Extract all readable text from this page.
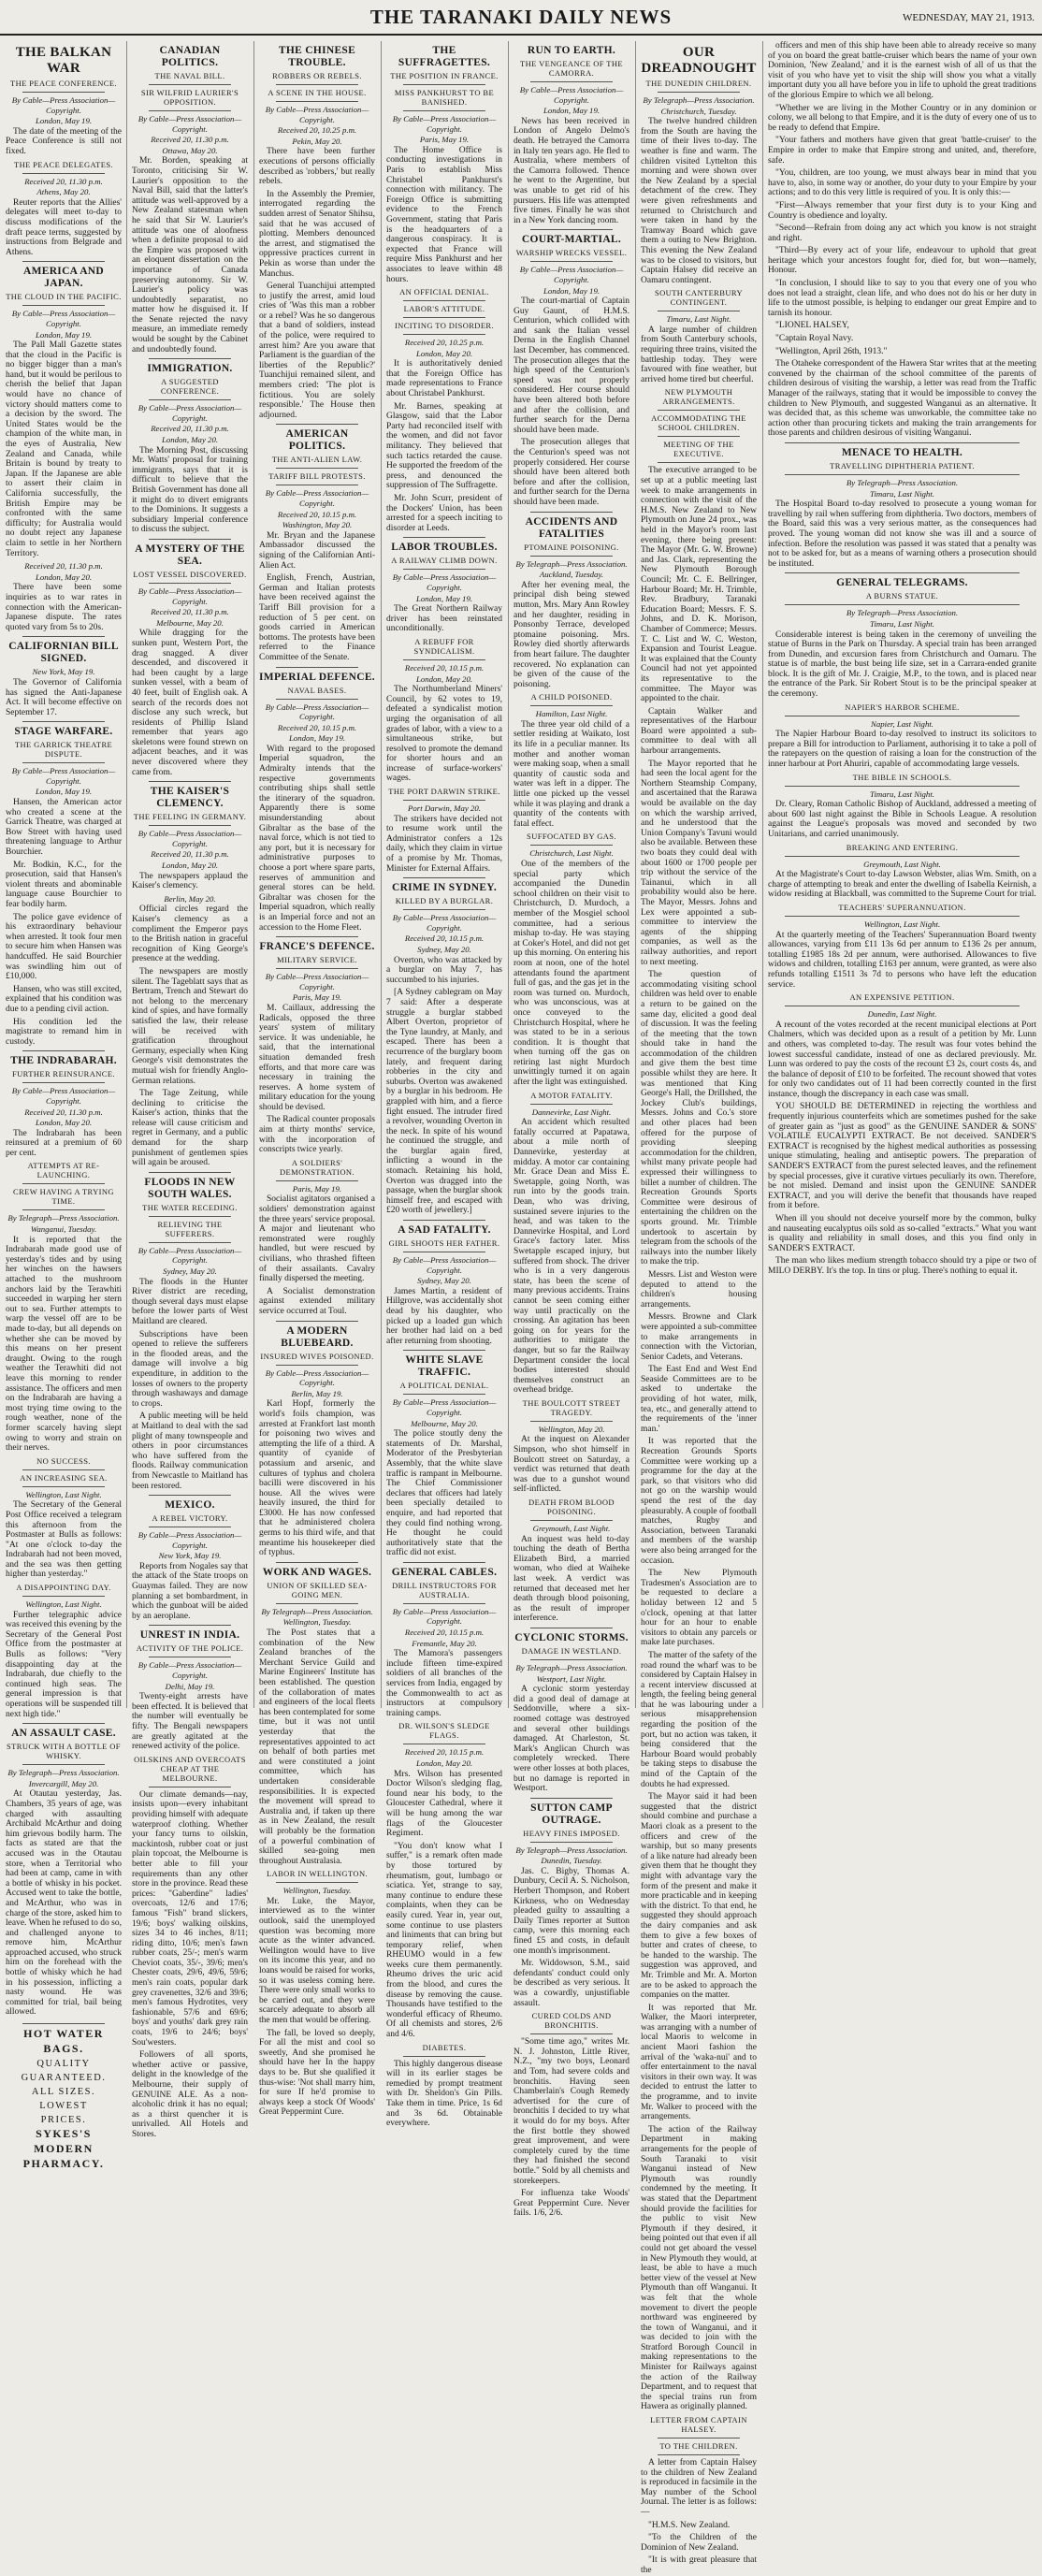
THE TARANAKI DAILY NEWS	WEDNESDAY, MAY 21, 1913.
THE BALKAN WAR
THE PEACE CONFERENCE.
By Cable—Press Association—Copyright.
London, May 19.

The date of the meeting of the Peace Conference is still not fixed.

THE PEACE DELEGATES.
Received 20, 11.30 p.m.
Athens, May 20.

Reuter reports that the Allies' delegates will meet to-day to discuss modifications of the draft peace terms, suggested by instructions from Belgrade and Athens.

AMERICA AND JAPAN.
THE CLOUD IN THE PACIFIC.
By Cable—Press Association—Copyright.
London, May 19.

The Pall Mall Gazette states that the cloud in the Pacific is no bigger bigger than a man's hand, but it would be perilous to cherish the belief that Japan would have no chance of victory should matters come to a decision by the sword. The United States would be the champion of the white man, in the eyes of Australia, New Zealand and Canada, while Britain is bound by treaty to Japan. If the Japanese are able to assert their claim in California successfully, the British Empire may be confronted with the same difficulty; for Australia would no doubt reject any Japanese claim to settle in her Northern Territory.

Received 20, 11.30 p.m.
London, May 20.

There have been some inquiries as to war rates in connection with the American-Japanese dispute. The rates quoted vary from 5s to 20s.

CALIFORNIAN BILL SIGNED.
New York, May 19.

The Governor of California has signed the Anti-Japanese Act. It will become effective on September 17.

STAGE WARFARE.
THE GARRICK THEATRE DISPUTE.
By Cable—Press Association—Copyright.
London, May 19.

Hansen, the American actor who created a scene at the Garrick Theatre, was charged at Bow Street with having used threatening language to Arthur Bourchier.

Mr. Bodkin, K.C., for the prosecution, said that Hansen's violent threats and abominable language cause Bourchier to fear bodily harm.

The police gave evidence of his extraordinary behaviour when arrested. It took four men to secure him when Hansen was handcuffed. He said Bourchier was swindling him out of £10,000.

Hansen, who was still excited, explained that his condition was due to a pending civil action.

His condition led the magistrate to remand him in custody.

THE INDRABARAH.
FURTHER REINSURANCE.
By Cable—Press Association—Copyright.
Received 20, 11.30 p.m.
London, May 20.

The Indrabarah has been reinsured at a premium of 60 per cent.

ATTEMPTS AT RE-LAUNCHING.
CREW HAVING A TRYING TIME.
By Telegraph—Press Association.
Wanganui, Tuesday.

It is reported that the Indrabarah made good use of yesterday's tides and by using her winches on the hawsers attached to the mushroom anchors laid by the Terawhiti succeeded in warping her stern out to sea. Further attempts to warp the vessel off are to be made to-day, but all depends on whether she can be moved by this means on her present draught. Owing to the rough weather the Terawhiti did not leave this morning to render assistance. The officers and men on the Indrabarah are having a most trying time owing to the rough weather, none of the former scarcely having slept owing to worry and strain on their nerves.

NO SUCCESS.
AN INCREASING SEA.
Wellington, Last Night.

The Secretary of the General Post Office received a telegram this afternoon from the Postmaster at Bulls as follows: "At one o'clock to-day the Indrabarah had not been moved, and the sea was then getting higher than yesterday."

A DISAPPOINTING DAY.
Wellington, Last Night.

Further telegraphic advice was received this evening by the Secretary of the General Post Office from the postmaster at Bulls as follows: "Very disappointing day at the Indrabarah, due chiefly to the continued high seas. The general impression is that operations will be suspended till next high tide."

AN ASSAULT CASE.
STRUCK WITH A BOTTLE OF WHISKY.
By Telegraph—Press Association.
Invercargill, May 20.

At Otautau yesterday, Jas. Chambers, 35 years of age, was charged with assaulting Archibald McArthur and doing him grievous bodily harm. The facts as stated are that the accused was in the Otautau store, when a Territorial who had been at camp, came in with a bottle of whisky in his pocket. Accused went to take the bottle, and McArthur, who was in charge of the store, asked him to leave. When he refused to do so, and challenged anyone to remove him, McArthur approached accused, who struck him on the forehead with the bottle of whisky which he had in his possession, inflicting a nasty wound. He was committed for trial, bail being allowed.

HOT WATER BAGS.
QUALITY GUARANTEED.
ALL SIZES.
LOWEST
PRICES.
SYKES'S MODERN PHARMACY.
CANADIAN POLITICS.
THE NAVAL BILL.
SIR WILFRID LAURIER'S OPPOSITION.
By Cable—Press Association—Copyright.
Received 20, 11.30 p.m.
Ottawa, May 20.

Mr. Borden, speaking at Toronto, criticising Sir W. Laurier's opposition to the Naval Bill, said that the latter's attitude was well-approved by a New Zealand statesman when he said that Sir W. Laurier's attitude was one of aloofness when a definite proposal to aid the Empire was proposed with an eloquent dissertation on the importance of Canada preserving autonomy. Sir W. Laurier's policy was undoubtedly separatist, no matter how he disguised it. If the Senate rejected the navy measure, an immediate remedy would be sought by the Cabinet and undoubtedly found.

IMMIGRATION.
A SUGGESTED CONFERENCE.
By Cable—Press Association—Copyright.
Received 20, 11.30 p.m.
London, May 20.

The Morning Post, discussing Mr. Watts' proposal for training immigrants, says that it is difficult to believe that the British Government has done all it might do to divert emigrants to the Dominions. It suggests a subsidiary Imperial conference to discuss the subject.

A MYSTERY OF THE SEA.
LOST VESSEL DISCOVERED.
By Cable—Press Association—Copyright.
Received 20, 11.30 p.m.
Melbourne, May 20.

While dragging for the sunken punt, Western Port, the drag snagged. A diver descended, and discovered it had been caught by a large sunken vessel, with a beam of 40 feet, built of English oak. A search of the records does not disclose any such wreck, but residents of Phillip Island remember that years ago skeletons were found strewn on adjacent beaches, and it was never discovered where they came from.

THE KAISER'S CLEMENCY.
THE FEELING IN GERMANY.
By Cable—Press Association—Copyright.
Received 20, 11.30 p.m.
London, May 20.

The newspapers applaud the Kaiser's clemency.

Berlin, May 20.

Official circles regard the Kaiser's clemency as a compliment the Emperor pays to the British nation in graceful recognition of King George's presence at the wedding.

The newspapers are mostly silent. The Tageblatt says that as Bertram, Trench and Stewart do not belong to the mercenary kind of spies, and have formally satisfied the law, their release will be received with gratification throughout Germany, especially when King George's visit demonstrates the mutual wish for friendly Anglo-German relations.

The Tage Zeitung, while declining to criticise the Kaiser's action, thinks that the release will cause criticism and regret in Germany, and a public demand for the sharp punishment of gentlemen spies will again be aroused.

FLOODS IN NEW SOUTH WALES.
THE WATER RECEDING.
RELIEVING THE SUFFERERS.
By Cable—Press Association—Copyright.
Sydney, May 20.

The floods in the Hunter River district are receding, though several days must elapse before the lower parts of West Maitland are cleared.

Subscriptions have been opened to relieve the sufferers in the flooded areas, and the damage will involve a big expenditure, in addition to the losses of owners to the property through washaways and damage to crops.

A public meeting will be held at Maitland to deal with the sad plight of many townspeople and others in poor circumstances who have suffered from the floods. Railway communication from Newcastle to Maitland has been restored.

MEXICO.
A REBEL VICTORY.
By Cable—Press Association—Copyright.
New York, May 19.

Reports from Nogales say that the attack of the State troops on Guaymas failed. They are now planning a set bombardment, in which the gunboat will be aided by an aeroplane.

UNREST IN INDIA.
ACTIVITY OF THE POLICE.
By Cable—Press Association—Copyright.
Delhi, May 19.

Twenty-eight arrests have been effected. It is believed that the number will eventually be fifty. The Bengali newspapers are greatly agitated at the renewed activity of the police.

OILSKINS AND OVERCOATS CHEAP AT THE MELBOURNE.

Our climate demands—nay, insists upon—every inhabitant providing himself with adequate waterproof clothing. Whether your fancy turns to oilskin, mackintosh, rubber coat or just plain topcoat, the Melbourne is better able to fill your requirements than any other store in the province. Read these prices: "Gaberdine" ladies' overcoats, 12/6 and 17/6; famous "Fish" brand slickers, 19/6; boys' walking oilskins, sizes 34 to 46 inches, 8/11; riding ditto, 10/6; men's fawn rubber coats, 25/-; men's warm Cheviot coats, 35/-, 39/6; men's Chester coats, 29/6, 49/6, 59/6; men's rain coats, popular dark grey cravenettes, 32/6 and 39/6; men's famous Hydrotites, very fashionable, 57/6 and 69/6; boys' and youths' dark grey rain coats, 19/6 to 24/6; boys' Sou'westers.

Followers of all sports, whether active or passive, delight in the knowledge of the Melbourne, their supply of GENUINE ALE. As a non-alcoholic drink it has no equal; as a thirst quencher it is unrivalled. All Hotels and Stores.

THE CHINESE TROUBLE.
ROBBERS OR REBELS.
A SCENE IN THE HOUSE.
By Cable—Press Association—Copyright.
Received 20, 10.25 p.m.
Pekin, May 20.

There have been further executions of persons officially described as 'robbers,' but really rebels.

In the Assembly the Premier, interrogated regarding the sudden arrest of Senator Shihsu, said that he was accused of plotting. Members denounced the arrest, and stigmatised the oppressive practices current in Pekin as worse than under the Manchus.

General Tuanchijui attempted to justify the arrest, amid loud cries of 'Was this man a robber or a rebel? Was he so dangerous that a band of soldiers, instead of the police, were required to arrest him? Are you aware that Parliament is the guardian of the liberties of the Republic?' Tuanchijui remained silent, and members cried: 'The plot is fictitious. You are solely responsible.' The House then adjourned.

AMERICAN POLITICS.
THE ANTI-ALIEN LAW.
TARIFF BILL PROTESTS.
By Cable—Press Association—Copyright.
Received 20, 10.15 p.m.
Washington, May 20.

Mr. Bryan and the Japanese Ambassador discussed the signing of the Californian Anti-Alien Act.

English, French, Austrian, German and Italian protests have been received against the Tariff Bill provision for a reduction of 5 per cent. on goods carried in American bottoms. The protests have been referred to the Finance Committee of the Senate.

IMPERIAL DEFENCE.
NAVAL BASES.
By Cable—Press Association—Copyright.
Received 20, 10.15 p.m.
London, May 19.

With regard to the proposed Imperial squadron, the Admiralty intends that the respective governments contributing ships shall settle the itinerary of the squadron. Apparently there is some misunderstanding about Gibraltar as the base of the naval force, which is not tied to any port, but it is necessary for administrative purposes to choose a port where spare parts, reserves of ammunition and general stores can be held. Gibraltar was chosen for the Imperial squadron, which really is an Imperial force and not an accession to the Home Fleet.

FRANCE'S DEFENCE.
MILITARY SERVICE.
By Cable—Press Association—Copyright.
Paris, May 19.

M. Caillaux, addressing the Radicals, opposed the three years' system of military service. It was undeniable, he said, that the international situation demanded fresh efforts, and that more care was necessary in training the reserves. A home system of military education for the young should be devised.

The Radical counter proposals aim at thirty months' service, with the incorporation of conscripts twice yearly.

A SOLDIERS' DEMONSTRATION.
Paris, May 19.

Socialist agitators organised a soldiers' demonstration against the three years' service proposal. A major and lieutenant who remonstrated were roughly handled, but were rescued by civilians, who thrashed fifteen of their assailants. Cavalry finally dispersed the meeting.

A Socialist demonstration against extended military service occurred at Toul.

A MODERN BLUEBEARD.
INSURED WIVES POISONED.
By Cable—Press Association—Copyright.
Berlin, May 19.

Karl Hopf, formerly the world's foils champion, was arrested at Frankfort last month for poisoning two wives and attempting the life of a third. A quantity of cyanide of potassium and arsenic, and cultures of typhus and cholera bacilli were discovered in his house. All the wives were heavily insured, the third for £3000. He has now confessed that he administered cholera germs to his third wife, and that meantime his housekeeper died of typhus.

WORK AND WAGES.
UNION OF SKILLED SEA-GOING MEN.
By Telegraph—Press Association.
Wellington, Tuesday.

The Post states that a combination of the New Zealand branches of the Merchant Service Guild and Marine Engineers' Institute has been established. The question of the collaboration of mates and engineers of the local fleets has been contemplated for some time, but it was not until yesterday that the representatives appointed to act on behalf of both parties met and were constituted a joint committee, which has undertaken considerable responsibilities. It is expected the movement will spread to Australia and, if taken up there as in New Zealand, the result will probably be the formation of a powerful combination of skilled sea-going men throughout Australasia.

LABOR IN WELLINGTON.
Wellington, Tuesday.

Mr. Luke, the Mayor, interviewed as to the winter outlook, said the unemployed question was becoming more acute as the winter advanced. Wellington would have to live on its income this year, and no loans would be raised for works, so it was useless coming here. There were only small works to be carried out, and they were scarcely adequate to absorb all the men that would be offering.

The fall, be loved so deeply, For all the mist and cool so sweetly, And she promised he should have her In the happy days to be. But she qualified it thus-wise: 'Not shall marry him, for sure If he'd promise to always keep a stock Of Woods' Great Peppermint Cure.

THE SUFFRAGETTES.
THE POSITION IN FRANCE.
MISS PANKHURST TO BE BANISHED.
By Cable—Press Association—Copyright.
Paris, May 19.

The Home Office is conducting investigations in Paris to establish Miss Christabel Pankhurst's connection with militancy. The Foreign Office is submitting evidence to the French Government, stating that Paris is the headquarters of a dangerous conspiracy. It is expected that France will require Miss Pankhurst and her associates to leave within 48 hours.

AN OFFICIAL DENIAL.
LABOR'S ATTITUDE.
INCITING TO DISORDER.
Received 20, 10.25 p.m.
London, May 20.

It is authoritatively denied that the Foreign Office has made representations to France about Christabel Pankhurst.

Mr. Barnes, speaking at Glasgow, said that the Labor Party had reconciled itself with the women, and did not favor militancy. They believed that such tactics retarded the cause. He supported the freedom of the press, and denounced the suppression of The Suffragette.

Mr. John Scurr, president of the Dockers' Union, has been arrested for a speech inciting to disorder at Leeds.

LABOR TROUBLES.
A RAILWAY CLIMB DOWN.
By Cable—Press Association—Copyright.
London, May 19.

The Great Northern Railway driver has been reinstated unconditionally.

A REBUFF FOR SYNDICALISM.
Received 20, 10.15 p.m.
London, May 20.

The Northumberland Miners' Council, by 62 votes to 19, defeated a syndicalist motion urging the organisation of all grades of labor, with a view to a simultaneous strike, but resolved to promote the demand for shorter hours and an increase of surface-workers' wages.

THE PORT DARWIN STRIKE.
Port Darwin, May 20.

The strikers have decided not to resume work until the Administrator confers a 12s daily, which they claim in virtue of a promise by Mr. Thomas, Minister for External Affairs.

CRIME IN SYDNEY.
KILLED BY A BURGLAR.
By Cable—Press Association—Copyright.
Received 20, 10.15 p.m.
Sydney, May 20.

Overton, who was attacked by a burglar on May 7, has succumbed to his injuries.

[A Sydney cablegram on May 7 said: After a desperate struggle a burglar stabbed Albert Overton, proprietor of the Tyne laundry, at Manly, and escaped. There has been a recurrence of the burglary boom lately, and frequent daring robberies in the city and suburbs. Overton was awakened by a burglar in his bedroom. He grappled with him, and a fierce fight ensued. The intruder fired a revolver, wounding Overton in the neck. In spite of his wound he continued the struggle, and the burglar again fired, inflicting a wound in the stomach. Retaining his hold, Overton was dragged into the passage, when the burglar shook himself free, and escaped with £20 worth of jewellery.]

A SAD FATALITY.
GIRL SHOOTS HER FATHER.
By Cable—Press Association—Copyright.
Sydney, May 20.

James Martin, a resident of Hillgrove, was accidentally shot dead by his daughter, who picked up a loaded gun which her brother had laid on a bed after returning from shooting.

WHITE SLAVE TRAFFIC.
A POLITICAL DENIAL.
By Cable—Press Association—Copyright.
Melbourne, May 20.

The police stoutly deny the statements of Dr. Marshal, Moderator of the Presbyterian Assembly, that the white slave traffic is rampant in Melbourne. The Chief Commissioner declares that officers had lately been specially detailed to enquire, and had reported that they could find nothing wrong. He thought he could authoritatively state that the traffic did not exist.

GENERAL CABLES.
DRILL INSTRUCTORS FOR AUSTRALIA.
By Cable—Press Association—Copyright.
Received 20, 10.15 p.m.
Fremantle, May 20.

The Mamora's passengers include fifteen time-expired soldiers of all branches of the services from India, engaged by the Commonwealth to act as instructors at compulsory training camps.

DR. WILSON'S SLEDGE FLAGS.
Received 20, 10.15 p.m.
London, May 20.

Mrs. Wilson has presented Doctor Wilson's sledging flag, found near his body, to the Gloucester Cathedral, where it will be hung among the war flags of the Gloucester Regiment.

"You don't know what I suffer," is a remark often made by those tortured by rheumatism, gout, lumbago or sciatica. Yet, strange to say, many continue to endure these complaints, when they can be easily cured. Year in, year out, some continue to use plasters and liniments that can bring but temporary relief, when RHEUMO would in a few weeks cure them permanently. Rheumo drives the uric acid from the blood, and cures the disease by removing the cause. Thousands have testified to the wonderful efficacy of Rheumo. Of all chemists and stores, 2/6 and 4/6.

DIABETES.

This highly dangerous disease will in its earlier stages be remedied by prompt treatment with Dr. Sheldon's Gin Pills. Take them in time. Price, 1s 6d and 3s 6d. Obtainable everywhere.

RUN TO EARTH.
THE VENGEANCE OF THE CAMORRA.
By Cable—Press Association—Copyright.
London, May 19.

News has been received in London of Angelo Delmo's death. He betrayed the Camorra in Italy ten years ago. He fled to Australia, where members of the Camorra followed. Thence he went to the Argentine, but was unable to get rid of his pursuers. His life was attempted five times. Finally he was shot in a New York dancing room.

COURT-MARTIAL.
WARSHIP WRECKS VESSEL.
By Cable—Press Association—Copyright.
London, May 19.

The court-martial of Captain Guy Gaunt, of H.M.S. Centurion, which collided with and sank the Italian vessel Derna in the English Channel last December, has commenced. The prosecution alleges that the high speed of the Centurion's speed was not properly considered. Her course should have been altered both before and after the collision, and further search for the Derna should have been made.

The prosecution alleges that the Centurion's speed was not properly considered. Her course should have been altered both before and after the collision, and further search for the Derna should have been made.

ACCIDENTS AND FATALITIES
PTOMAINE POISONING.
By Telegraph—Press Association.
Auckland, Tuesday.

After her evening meal, the principal dish being stewed mutton, Mrs. Mary Ann Rowley and her daughter, residing in Ponsonby Terrace, developed ptomaine poisoning. Mrs. Rowley died shortly afterwards from heart failure. The daughter recovered. No explanation can be given of the cause of the poisoning.

A CHILD POISONED.
Hamilton, Last Night.

The three year old child of a settler residing at Waikato, lost its life in a peculiar manner. Its mother and another woman were making soap, when a small quantity of caustic soda and water was left in a dipper. The little one picked up the vessel while it was playing and drank a quantity of the contents with fatal effect.

SUFFOCATED BY GAS.
Christchurch, Last Night.

One of the members of the special party which accompanied the Dunedin school children on their visit to Christchurch, D. Murdoch, a member of the Mosgiel school committee, had a serious mishap to-day. He was staying at Coker's Hotel, and did not get up this morning. On entering his room at noon, one of the hotel attendants found the apartment full of gas, and the gas jet in the room was turned on. Murdoch, who was unconscious, was at once conveyed to the Christchurch Hospital, where he was stated to be in a serious condition. It is thought that when turning off the gas on retiring last night Murdoch unwittingly turned it on again after the light was extinguished.

A MOTOR FATALITY.
Dannevirke, Last Night.

An accident which resulted fatally occurred at Papatawa, about a mile north of Dannevirke, yesterday at midday. A motor car containing Mr. Grace Dean and Miss E. Swetapple, going North, was run into by the goods train. Dean, who was driving, sustained severe injuries to the head, and was taken to the Dannevirke Hospital, and Lord Grace's factory later. Miss Swetapple escaped injury, but suffered from shock. The driver who is in a very dangerous state, has been the scene of many previous accidents. Trains cannot be seen coming either way until practically on the crossing. An agitation has been going on for years for the authorities to mitigate the danger, but so far the Railway Department consider the local bodies interested should themselves construct an overhead bridge.

THE BOULCOTT STREET TRAGEDY.
Wellington, May 20.

At the inquest on Alexander Simpson, who shot himself in Boulcott street on Saturday, a verdict was returned that death was due to a gunshot wound self-inflicted.

DEATH FROM BLOOD POISONING.
Greymouth, Last Night.

An inquest was held to-day touching the death of Bertha Elizabeth Bird, a married woman, who died at Waiheke last week. A verdict was returned that deceased met her death through blood poisoning, as the result of improper interference.

CYCLONIC STORMS.
DAMAGE IN WESTLAND.
By Telegraph—Press Association.
Westport, Last Night.

A cyclonic storm yesterday did a good deal of damage at Seddonville, where a six-roomed cottage was destroyed and several other buildings damaged. At Charleston, St. Mark's Anglican Church was completely wrecked. There were other losses at both places, but no damage is reported in Westport.

SUTTON CAMP OUTRAGE.
HEAVY FINES IMPOSED.
By Telegraph—Press Association.
Dunedin, Tuesday.

Jas. C. Bigby, Thomas A. Dunbury, Cecil A. S. Nicholson, Herbert Thompson, and Robert Kirkness, who on Wednesday pleaded guilty to assaulting a Daily Times reporter at Sutton camp, were this morning each fined £5 and costs, in default one month's imprisonment.

Mr. Widdowson, S.M., said defendants' conduct could only be described as very serious. It was a cowardly, unjustifiable assault.

CURED COLDS AND BRONCHITIS.

"Some time ago," writes Mr. N. J. Johnston, Little River, N.Z., "my two boys, Leonard and Tom, had severe colds and bronchitis. Having seen Chamberlain's Cough Remedy advertised for the cure of bronchitis I decided to try what it would do for my boys. After the first bottle they showed great improvement, and were completely cured by the time they had finished the second bottle." Sold by all chemists and storekeepers.

For influenza take Woods' Great Peppermint Cure. Never fails. 1/6, 2/6.

OUR DREADNOUGHT
THE DUNEDIN CHILDREN.
By Telegraph—Press Association.
Christchurch, Tuesday.

The twelve hundred children from the South are having the time of their lives to-day. The weather is fine and warm. The children visited Lyttelton this morning and were shown over the New Zealand by a special detachment of the crew. They were given refreshments and returned to Christchurch and were taken in hand by the Tramway Board which gave them a outing to New Brighton. This evening the New Zealand was to be closed to visitors, but Captain Halsey did receive an Oamaru contingent.

SOUTH CANTERBURY CONTINGENT.
Timaru, Last Night.

A large number of children from South Canterbury schools, requiring three trains, visited the battleship today. They were favoured with fine weather, but arrived home tired but cheerful.

NEW PLYMOUTH ARRANGEMENTS.
ACCOMMODATING THE SCHOOL CHILDREN.
MEETING OF THE EXECUTIVE.

The executive arranged to be set up at a public meeting last week to make arrangements in connection with the visit of the H.M.S. New Zealand to New Plymouth on June 24 prox., was held in the Mayor's room last evening, there being present: The Mayor (Mr. G. W. Browne) and Jas. Clark, representing the New Plymouth Borough Council; Mr. C. E. Bellringer, Harbour Board; Mr. H. Trimble, Rev. Bradbury, Taranaki Education Board; Messrs. F. S. Johns, and D. K. Morison, Chamber of Commerce; Messrs. T. C. List and W. C. Weston, Expansion and Tourist League. It was explained that the County Council had not yet appointed its representative to the committee. The Mayor was appointed to the chair.

Captain Walker and representatives of the Harbour Board were appointed a sub-committee to deal with all harbour arrangements.

The Mayor reported that he had seen the local agent for the Northern Steamship Company, and ascertained that the Rarawa would be available on the day on which the warship arrived, and he understood that the Union Company's Tavuni would also be available. Between these two boats they could deal with about 1600 or 1700 people per trip without the service of the Tainanui, which in all probability would also be here. The Mayor, Messrs. Johns and Lex were appointed a sub-committee to interview the agents of the shipping companies, as well as the railway authorities, and report to next meeting.

The question of accommodating visiting school children was held over to enable a return to be gained on the same day, elicited a good deal of discussion. It was the feeling of the meeting that the town should take in hand the accommodation of the children and give them the best time possible whilst they are here. It was mentioned that King George's Hall, the Drillshed, the Jockey Club's buildings, Messrs. Johns and Co.'s store and other places had been offered for the purpose of providing sleeping accommodation for the children, whilst many private people had expressed their willingness to billet a number of children. The Recreation Grounds Sports Committee were desirous of entertaining the children on the sports ground. Mr. Trimble undertook to ascertain by telegram from the schools of the railways into the number likely to make the trip.

Messrs. List and Weston were deputed to attend to the children's housing arrangements.

Messrs. Browne and Clark were appointed a sub-committee to make arrangements in connection with the Victorian, Senior Cadets, and Veterans.

The East End and West End Seaside Committees are to be asked to undertake the providing of hot water, milk, tea, etc., and generally attend to the requirements of the 'inner man.'

It was reported that the Recreation Grounds Sports Committee were working up a programme for the day at the park, so that visitors who did not go on the warship would spend the rest of the day pleasurably. A couple of football matches, Rugby and Association, between Taranaki and members of the warship were also being arranged for the occasion.

The New Plymouth Tradesmen's Association are to be requested to declare a holiday between 12 and 5 o'clock, opening at that latter hour for an hour to enable visitors to obtain any parcels or make late purchases.

The matter of the safety of the road round the wharf was to be considered by Captain Halsey in a recent interview discussed at length, the feeling being general that he was labouring under a serious misapprehension regarding the position of the port, but no action was taken, it being considered that the Harbour Board would probably be taking steps to disabuse the mind of the Captain of the doubts he had expressed.

The Mayor said it had been suggested that the district should combine and purchase a Maori cloak as a present to the officers and crew of the warship, but so many presents of a like nature had already been given them that he thought they might with advantage vary the form of the present and make it more practicable and in keeping with the district. To that end, he suggested they should approach the dairy companies and ask them to give a few boxes of butter and crates of cheese, to be handed to the warship. The suggestion was approved, and Mr. Trimble and Mr. A. Morton are to be asked to approach the companies on the matter.

It was reported that Mr. Walker, the Maori interpreter, was arranging with a number of local Maoris to welcome in ancient Maori fashion the arrival of the 'waka-nui' and to offer entertainment to the naval visitors in their own way. It was decided to entrust the latter to the programme, and to invite Mr. Walker to proceed with the arrangements.

The action of the Railway Department in making arrangements for the people of South Taranaki to visit Wanganui instead of New Plymouth was roundly condemned by the meeting. It was stated that the Department should provide the facilities for the public to visit New Plymouth if they desired, it being pointed out that even if all could not get aboard the vessel in New Plymouth they would, at least, be able to have a much better view of the vessel at New Plymouth than off Wanganui. It was felt that the whole movement to divert the people northward was engineered by the town of Wanganui, and it was decided to join with the Stratford Borough Council in making representations to the Minister for Railways against the action of the Railway Department, and to request that the special trains run from Hawera as originally planned.

LETTER FROM CAPTAIN HALSEY.
TO THE CHILDREN.

A letter from Captain Halsey to the children of New Zealand is reproduced in facsimile in the May number of the School Journal. The letter is as follows:—

"H.M.S. New Zealand.

"To the Children of the Dominion of New Zealand.

"It is with great pleasure that the

officers and men of this ship have been able to already receive so many of you on board the great battle-cruiser which bears the name of your own Dominion, 'New Zealand,' and it is the earnest wish of all of us that the visit of you who have yet to visit the ship will show you what a vitally important duty you all have before you in life to uphold the great traditions of the glorious Empire to which we all belong.

"Whether we are living in the Mother Country or in any dominion or colony, we all belong to that Empire, and it is the duty of every one of us to be ready to defend that Empire.

"Your fathers and mothers have given that great 'battle-cruiser' to the Empire in order to make that Empire strong and united, and, therefore, safe.

"You, children, are too young, we must always bear in mind that you have to, also, in some way or another, do your duty to your Empire by your actions; and to do this very little is required of you. It is only this:—

"First—Always remember that your first duty is to your King and Country is obedience and loyalty.

"Second—Refrain from doing any act which you know is not straight and right.

"Third—By every act of your life, endeavour to uphold that great heritage which your ancestors fought for, died for, but won—namely, Honour.

"In conclusion, I should like to say to you that every one of you who does not lead a straight, clean life, and who does not do his or her duty in life to the utmost possible, is helping to endanger our great Empire and to tarnish its honour.

"LIONEL HALSEY,

"Captain Royal Navy.

"Wellington, April 26th, 1913."

The Otaheke correspondent of the Hawera Star writes that at the meeting convened by the chairman of the school committee of the parents of children desirous of visiting the warship, a letter was read from the Traffic Manager of the railways, stating that it would be impossible to convey the children to New Plymouth, and suggested Wanganui as an alternative. It was decided that, as this scheme was unworkable, the committee take no action other than procuring tickets and making the train arrangements for those parents and children desirous of visiting Wanganui.

MENACE TO HEALTH.
TRAVELLING DIPHTHERIA PATIENT.
By Telegraph—Press Association.
Timaru, Last Night.

The Hospital Board to-day resolved to prosecute a young woman for travelling by rail when suffering from diphtheria. Two doctors, members of the Board, said this was a very serious matter, as the consequences had proved. The young woman did not know she was ill and a source of infection. Before the resolution was passed it was stated that a penalty was not to be asked for, but as a means of warning others a prosecution should be instituted.

GENERAL TELEGRAMS.
A BURNS STATUE.
By Telegraph—Press Association.
Timaru, Last Night.

Considerable interest is being taken in the ceremony of unveiling the statue of Burns in the Park on Thursday. A special train has been arranged from Dunedin, and excursion fares from Christchurch and Oamaru. The statue is of marble, the bust being life size, set in a Carrara-ended granite block. It is the gift of Mr. J. Craigie, M.P., to the town, and is placed near the entrance of the Park. Sir Robert Stout is to be the principal speaker at the ceremony.

NAPIER'S HARBOR SCHEME.
Napier, Last Night.

The Napier Harbour Board to-day resolved to instruct its solicitors to prepare a Bill for introduction to Parliament, authorising it to take a poll of the ratepayers on the question of raising a loan for the construction of the inner harbour at Port Ahuriri, capable of accommodating large vessels.

THE BIBLE IN SCHOOLS.
Timaru, Last Night.

Dr. Cleary, Roman Catholic Bishop of Auckland, addressed a meeting of about 600 last night against the Bible in Schools League. A resolution against the League's proposals was moved and seconded by two Unitarians, and carried unanimously.

BREAKING AND ENTERING.
Greymouth, Last Night.

At the Magistrate's Court to-day Lawson Webster, alias Wm. Smith, on a charge of attempting to break and enter the dwelling of Isabella Keirnish, a widow residing at Blackball, was committed to the Supreme Court for trial.

TEACHERS' SUPERANNUATION.
Wellington, Last Night.

At the quarterly meeting of the Teachers' Superannuation Board twenty allowances, varying from £11 13s 6d per annum to £136 2s per annum, totalling £1985 18s 2d per annum, were authorised. Allowances to five widows and children, totalling £163 per annum, were granted, as were also refunds totalling £1511 3s 7d to persons who have left the education service.

AN EXPENSIVE PETITION.
Dunedin, Last Night.

A recount of the votes recorded at the recent municipal elections at Port Chalmers, which was decided upon as a result of a petition by Mr. Lunn and others, was completed to-day. The result was four votes behind the lowest successful candidate, instead of one as declared previously. Mr. Lunn was ordered to pay the costs of the recount £3 2s, court costs 4s, and the balance of deposit of £10 to be forfeited. The recount showed that votes for only two candidates out of 11 had been correctly counted in the first instance, though the discrepancy in each case was small.

YOU SHOULD BE DETERMINED in rejecting the worthless and frequently injurious counterfeits which are sometimes pushed for the sake of greater gain as "just as good" as the GENUINE SANDER & SONS' VOLATILE EUCALYPTI EXTRACT. Be not deceived. SANDER'S EXTRACT is recognised by the highest medical authorities as possessing unique stimulating, healing and antiseptic powers. The preparation of SANDER'S EXTRACT from the purest selected leaves, and the refinement by special processes, give it curative virtues peculiarly its own. Therefore, be not misled. Demand and insist upon the GENUINE SANDER EXTRACT, and you will derive the benefit that thousands have reaped from it before.

When ill you should not deceive yourself more by the common, bulky and nauseating eucalyptus oils sold as so-called "extracts." What you want is quality and reliability in small doses, and this you find only in SANDER'S EXTRACT.

The man who likes medium strength tobacco should try a pipe or two of MILO DERBY. It's the top. In tins or plug. There's nothing to equal it.
